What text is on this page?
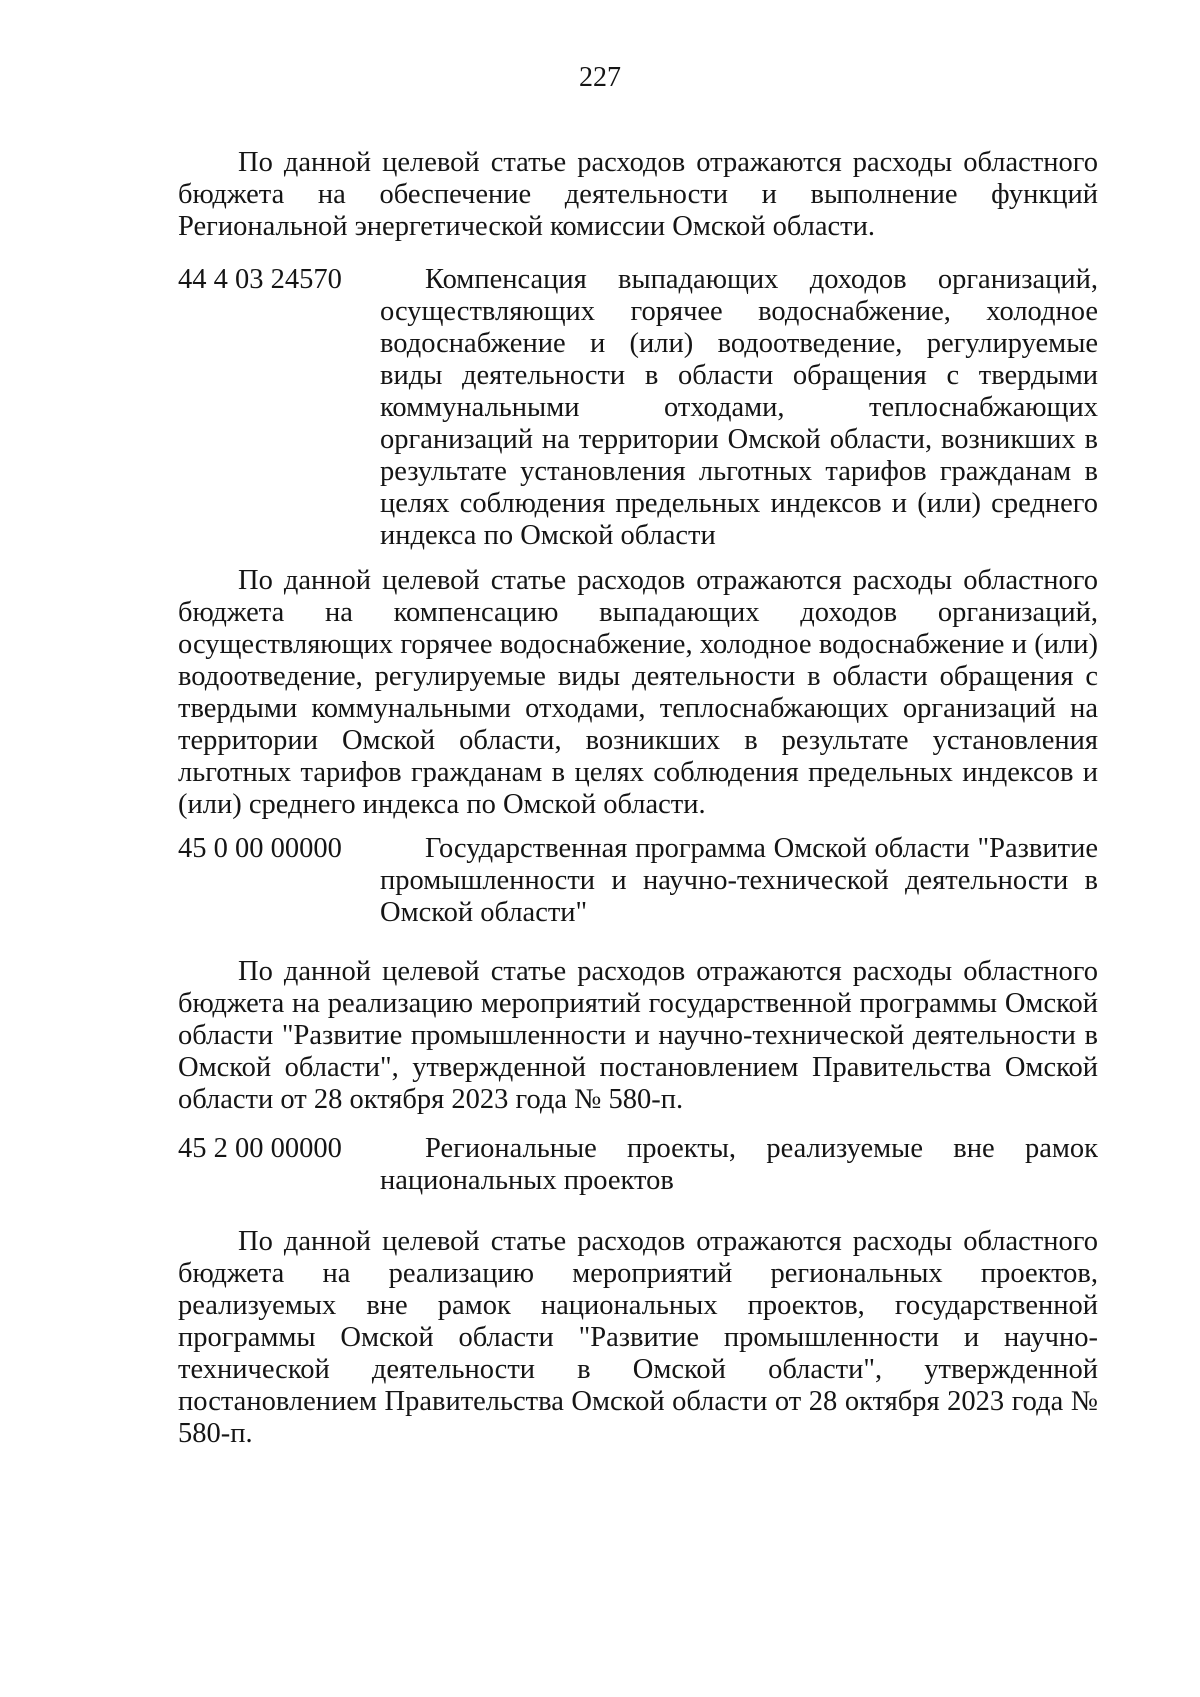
227

По данной целевой статье расходов отражаются расходы областного бюджета на обеспечение деятельности и выполнение функций Региональной энергетической комиссии Омской области.

44 4 03 24570	Компенсация выпадающих доходов организаций, осуществляющих горячее водоснабжение, холодное водоснабжение и (или) водоотведение, регулируемые виды деятельности в области обращения с твердыми коммунальными отходами, теплоснабжающих организаций на территории Омской области, возникших в результате установления льготных тарифов гражданам в целях соблюдения предельных индексов и (или) среднего индекса по Омской области

По данной целевой статье расходов отражаются расходы областного бюджета на компенсацию выпадающих доходов организаций, осуществляющих горячее водоснабжение, холодное водоснабжение и (или) водоотведение, регулируемые виды деятельности в области обращения с твердыми коммунальными отходами, теплоснабжающих организаций на территории Омской области, возникших в результате установления льготных тарифов гражданам в целях соблюдения предельных индексов и (или) среднего индекса по Омской области.

45 0 00 00000	Государственная программа Омской области "Развитие промышленности и научно-технической деятельности в Омской области"

По данной целевой статье расходов отражаются расходы областного бюджета на реализацию мероприятий государственной программы Омской области "Развитие промышленности и научно-технической деятельности в Омской области", утвержденной постановлением Правительства Омской области от 28 октября 2023 года № 580-п.

45 2 00 00000	Региональные проекты, реализуемые вне рамок национальных проектов

По данной целевой статье расходов отражаются расходы областного бюджета на реализацию мероприятий региональных проектов, реализуемых вне рамок национальных проектов, государственной программы Омской области "Развитие промышленности и научно-технической деятельности в Омской области", утвержденной постановлением Правительства Омской области от 28 октября 2023 года № 580-п.
